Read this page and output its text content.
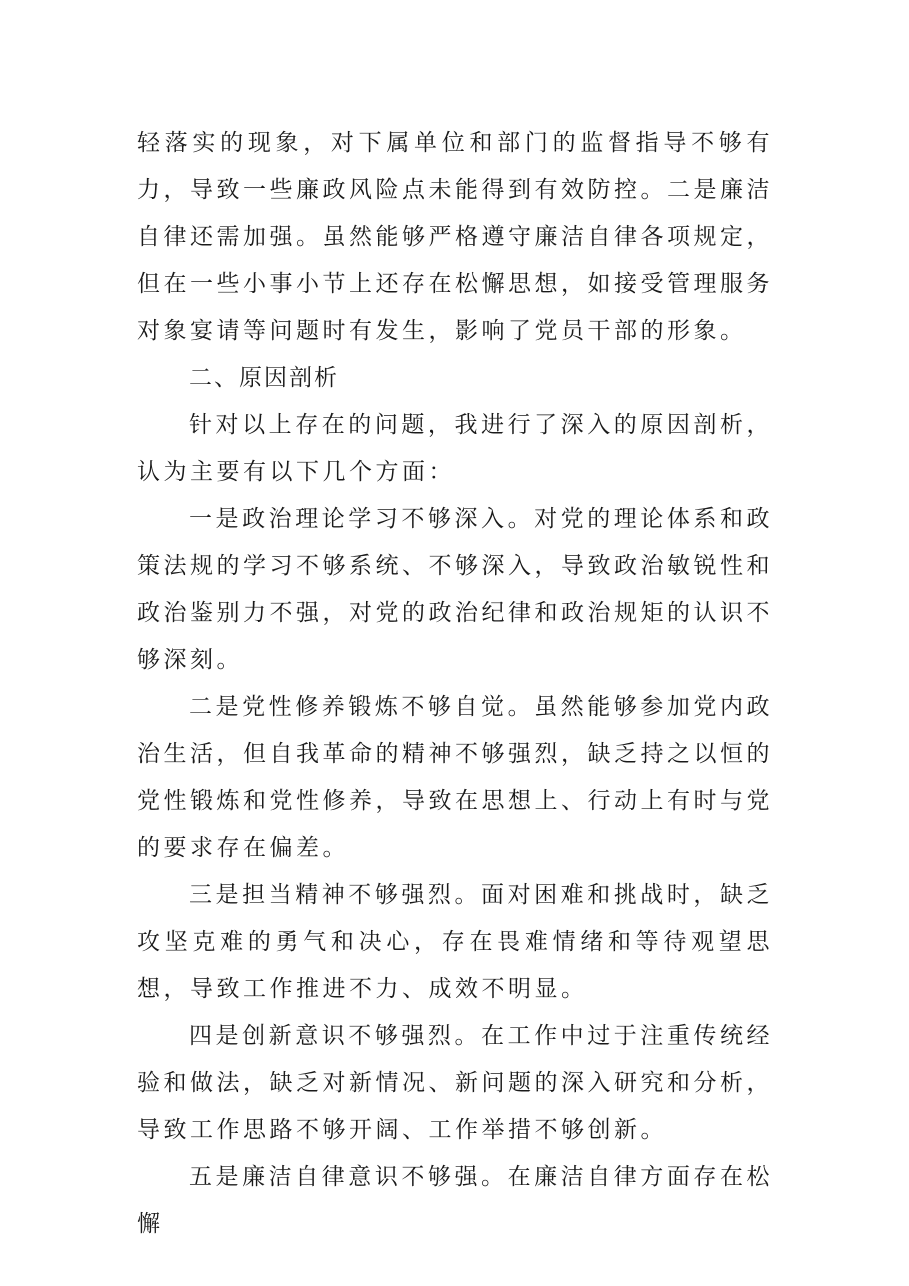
轻落实的现象，对下属单位和部门的监督指导不够有力，导致一些廉政风险点未能得到有效防控。二是廉洁自律还需加强。虽然能够严格遵守廉洁自律各项规定，但在一些小事小节上还存在松懈思想，如接受管理服务对象宴请等问题时有发生，影响了党员干部的形象。

二、原因剖析

针对以上存在的问题，我进行了深入的原因剖析，认为主要有以下几个方面：

一是政治理论学习不够深入。对党的理论体系和政策法规的学习不够系统、不够深入，导致政治敏锐性和政治鉴别力不强，对党的政治纪律和政治规矩的认识不够深刻。

二是党性修养锻炼不够自觉。虽然能够参加党内政治生活，但自我革命的精神不够强烈，缺乏持之以恒的党性锻炼和党性修养，导致在思想上、行动上有时与党的要求存在偏差。

三是担当精神不够强烈。面对困难和挑战时，缺乏攻坚克难的勇气和决心，存在畏难情绪和等待观望思想，导致工作推进不力、成效不明显。

四是创新意识不够强烈。在工作中过于注重传统经验和做法，缺乏对新情况、新问题的深入研究和分析，导致工作思路不够开阔、工作举措不够创新。

五是廉洁自律意识不够强。在廉洁自律方面存在松懈
